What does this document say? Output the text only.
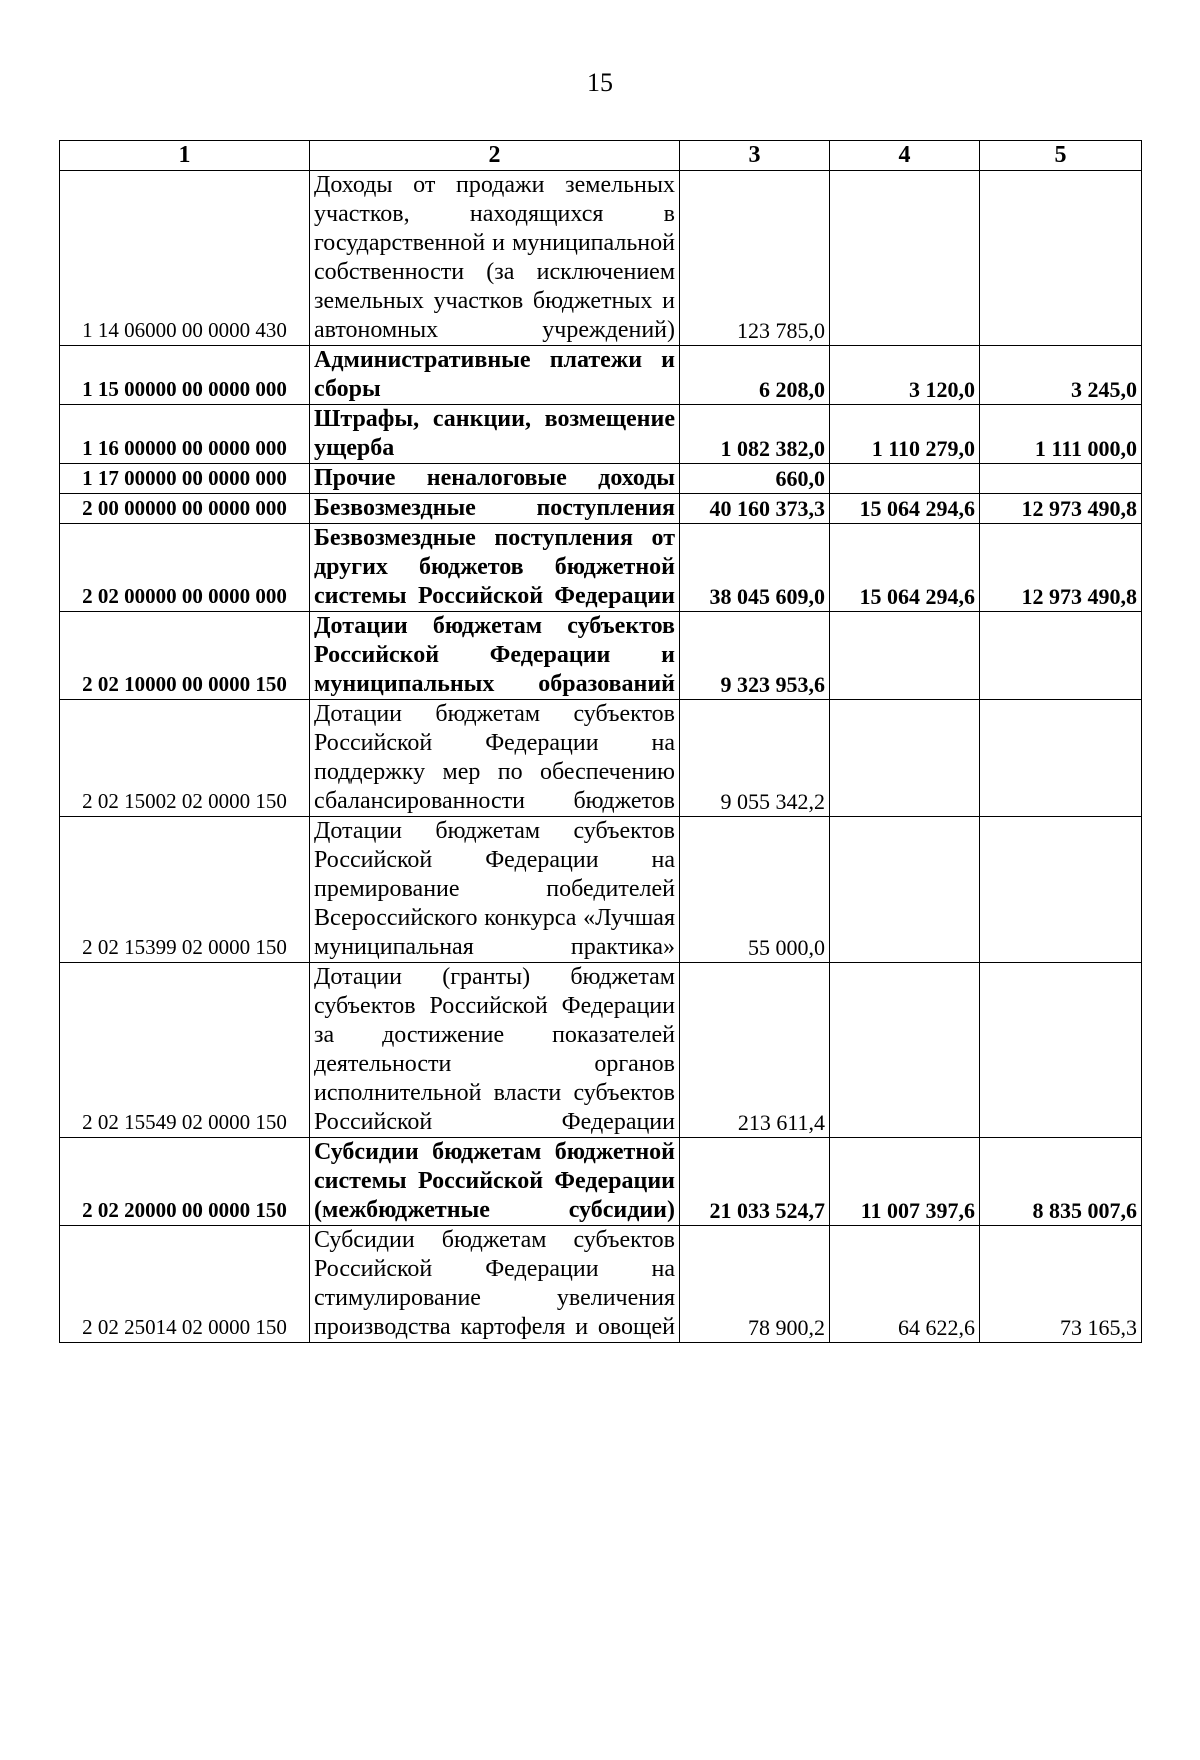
15
1	2	3	4	5
1 14 06000 00 0000 430	Доходы от продажи земельных участков, находящихся в государственной и муниципальной собственности (за исключением земельных участков бюджетных и автономных учреждений)	123 785,0		
1 15 00000 00 0000 000	Административные платежи и сборы	6 208,0	3 120,0	3 245,0
1 16 00000 00 0000 000	Штрафы, санкции, возмещение ущерба	1 082 382,0	1 110 279,0	1 111 000,0
1 17 00000 00 0000 000	Прочие неналоговые доходы	660,0		
2 00 00000 00 0000 000	Безвозмездные поступления	40 160 373,3	15 064 294,6	12 973 490,8
2 02 00000 00 0000 000	Безвозмездные поступления от других бюджетов бюджетной системы Российской Федерации	38 045 609,0	15 064 294,6	12 973 490,8
2 02 10000 00 0000 150	Дотации бюджетам субъектов Российской Федерации и муниципальных образований	9 323 953,6		
2 02 15002 02 0000 150	Дотации бюджетам субъектов Российской Федерации на поддержку мер по обеспечению сбалансированности бюджетов	9 055 342,2		
2 02 15399 02 0000 150	Дотации бюджетам субъектов Российской Федерации на премирование победителей Всероссийского конкурса «Лучшая муниципальная практика»	55 000,0		
2 02 15549 02 0000 150	Дотации (гранты) бюджетам субъектов Российской Федерации за достижение показателей деятельности органов исполнительной власти субъектов Российской Федерации	213 611,4		
2 02 20000 00 0000 150	Субсидии бюджетам бюджетной системы Российской Федерации (межбюджетные субсидии)	21 033 524,7	11 007 397,6	8 835 007,6
2 02 25014 02 0000 150	Субсидии бюджетам субъектов Российской Федерации на стимулирование увеличения производства картофеля и овощей	78 900,2	64 622,6	73 165,3
